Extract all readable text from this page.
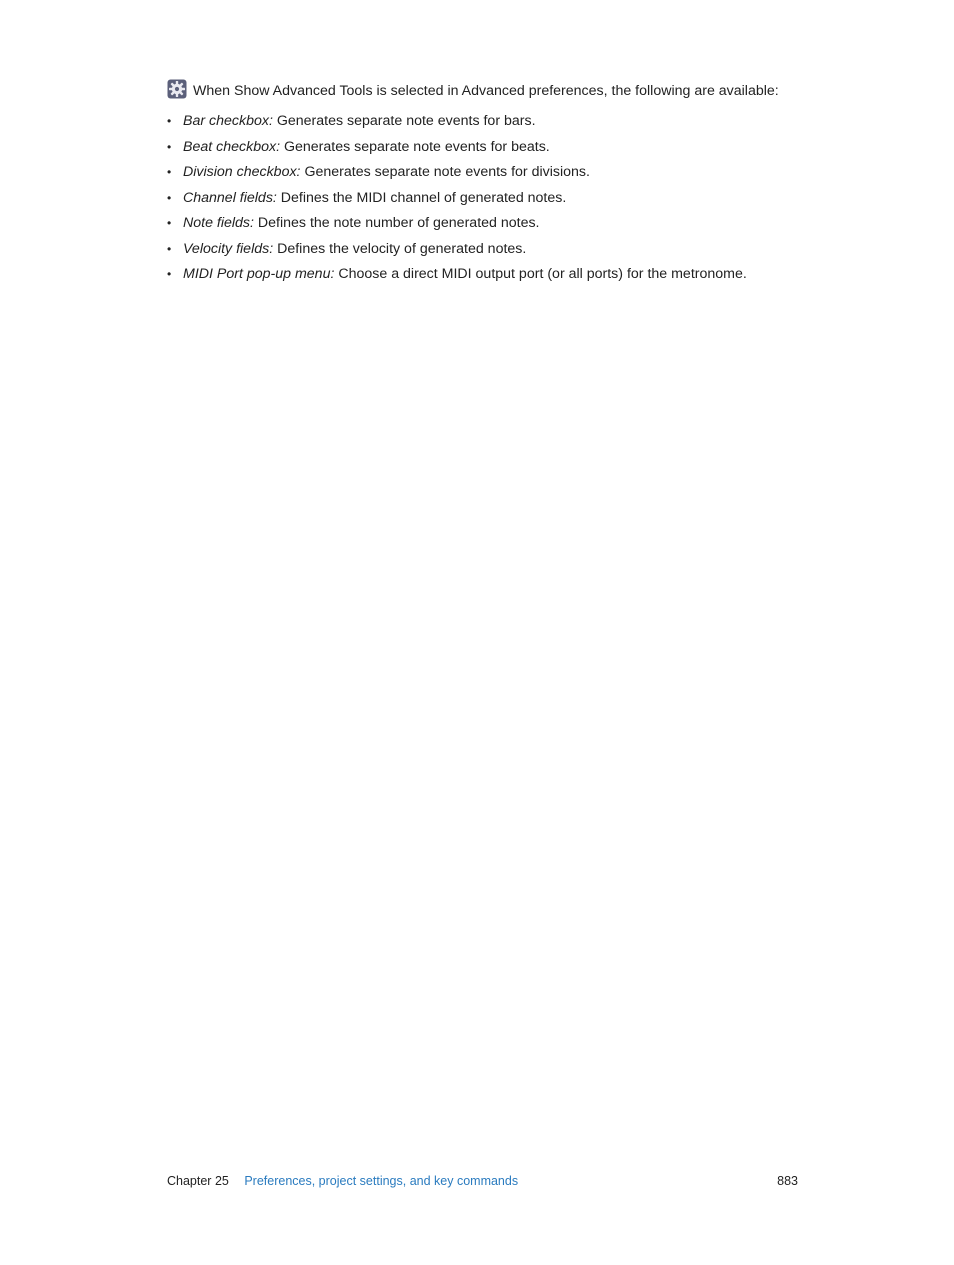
When Show Advanced Tools is selected in Advanced preferences, the following are available:

• Bar checkbox: Generates separate note events for bars.
• Beat checkbox: Generates separate note events for beats.
• Division checkbox: Generates separate note events for divisions.
• Channel fields: Defines the MIDI channel of generated notes.
• Note fields: Defines the note number of generated notes.
• Velocity fields: Defines the velocity of generated notes.
• MIDI Port pop-up menu: Choose a direct MIDI output port (or all ports) for the metronome.
Chapter 25 Preferences, project settings, and key commands	883
